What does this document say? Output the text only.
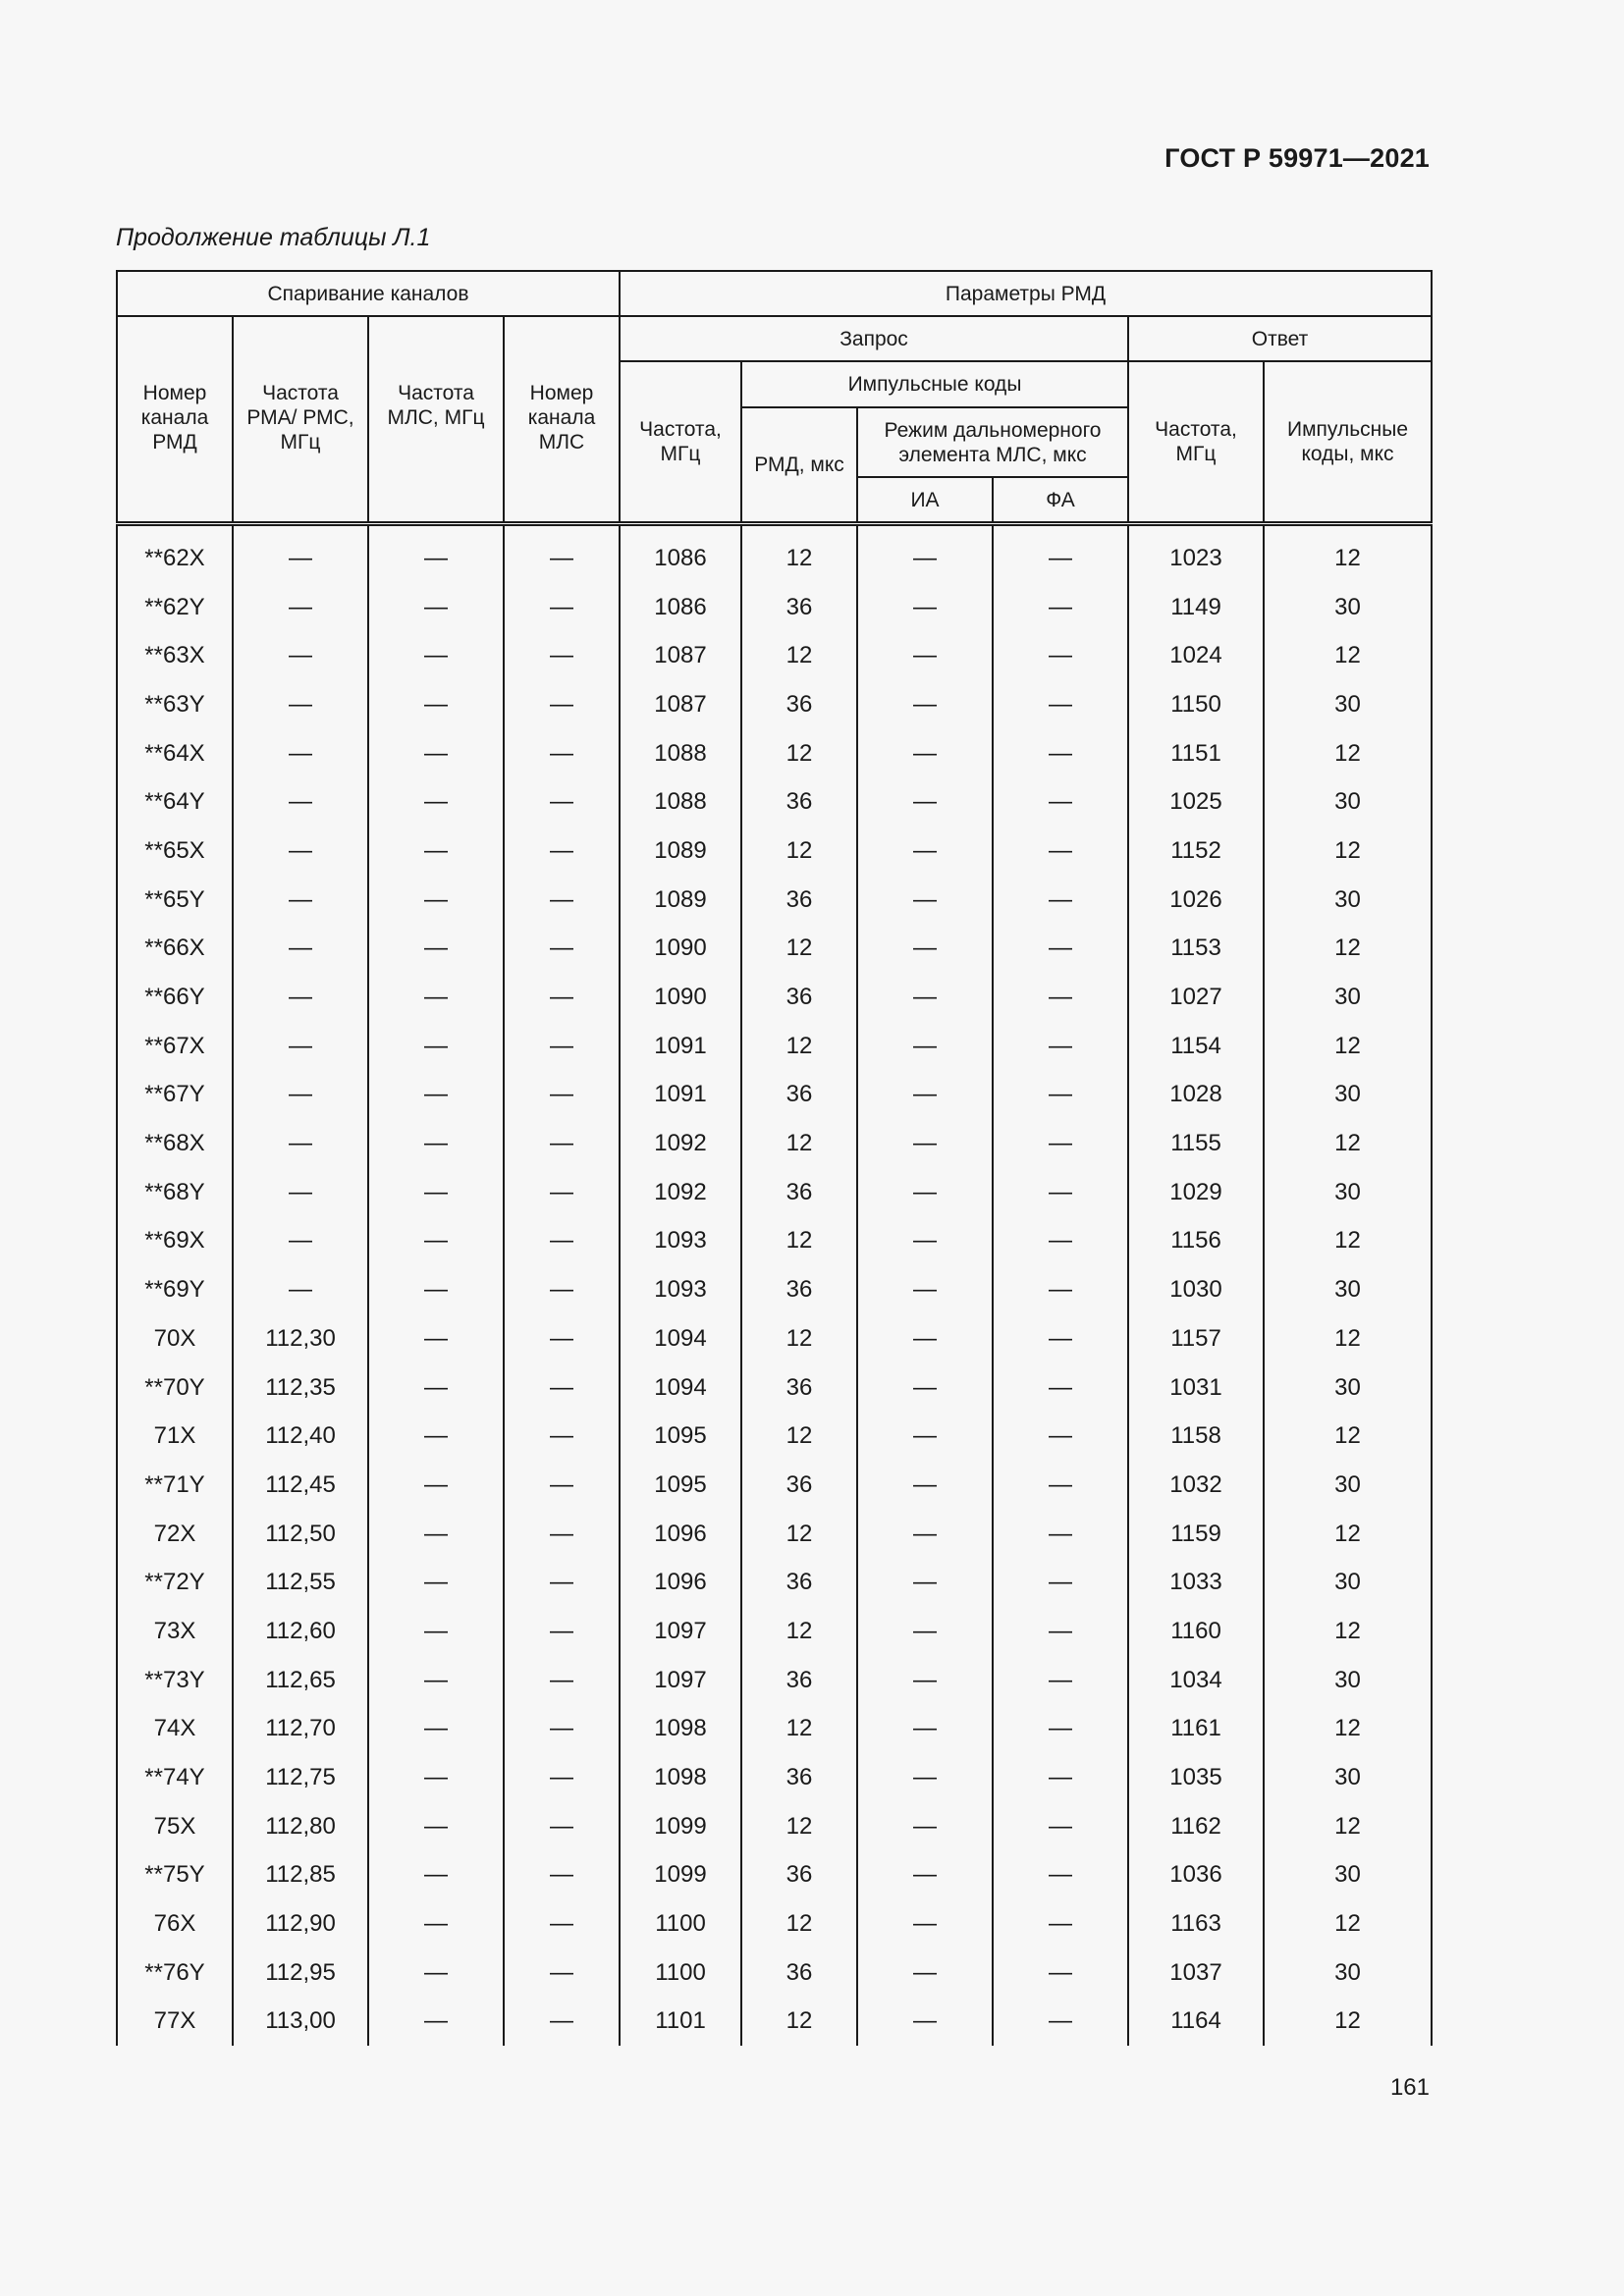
ГОСТ Р 59971—2021
Продолжение таблицы Л.1
Спаривание каналов				Параметры РМД					
Номер канала РМД	Частота РМА/ РМС, МГц	Частота МЛС, МГц	Номер канала МЛС	Запрос				Ответ	
				Частота, МГц	Импульсные коды			Частота, МГц	Импульсные коды, мкс
					РМД, мкс	Режим дальномерного элемента МЛС, мкс			
						ИА	ФА		
**62X	—	—	—	1086	12	—	—	1023	12
**62Y	—	—	—	1086	36	—	—	1149	30
**63X	—	—	—	1087	12	—	—	1024	12
**63Y	—	—	—	1087	36	—	—	1150	30
**64X	—	—	—	1088	12	—	—	1151	12
**64Y	—	—	—	1088	36	—	—	1025	30
**65X	—	—	—	1089	12	—	—	1152	12
**65Y	—	—	—	1089	36	—	—	1026	30
**66X	—	—	—	1090	12	—	—	1153	12
**66Y	—	—	—	1090	36	—	—	1027	30
**67X	—	—	—	1091	12	—	—	1154	12
**67Y	—	—	—	1091	36	—	—	1028	30
**68X	—	—	—	1092	12	—	—	1155	12
**68Y	—	—	—	1092	36	—	—	1029	30
**69X	—	—	—	1093	12	—	—	1156	12
**69Y	—	—	—	1093	36	—	—	1030	30
70X	112,30	—	—	1094	12	—	—	1157	12
**70Y	112,35	—	—	1094	36	—	—	1031	30
71X	112,40	—	—	1095	12	—	—	1158	12
**71Y	112,45	—	—	1095	36	—	—	1032	30
72X	112,50	—	—	1096	12	—	—	1159	12
**72Y	112,55	—	—	1096	36	—	—	1033	30
73X	112,60	—	—	1097	12	—	—	1160	12
**73Y	112,65	—	—	1097	36	—	—	1034	30
74X	112,70	—	—	1098	12	—	—	1161	12
**74Y	112,75	—	—	1098	36	—	—	1035	30
75X	112,80	—	—	1099	12	—	—	1162	12
**75Y	112,85	—	—	1099	36	—	—	1036	30
76X	112,90	—	—	1100	12	—	—	1163	12
**76Y	112,95	—	—	1100	36	—	—	1037	30
77X	113,00	—	—	1101	12	—	—	1164	12
161
